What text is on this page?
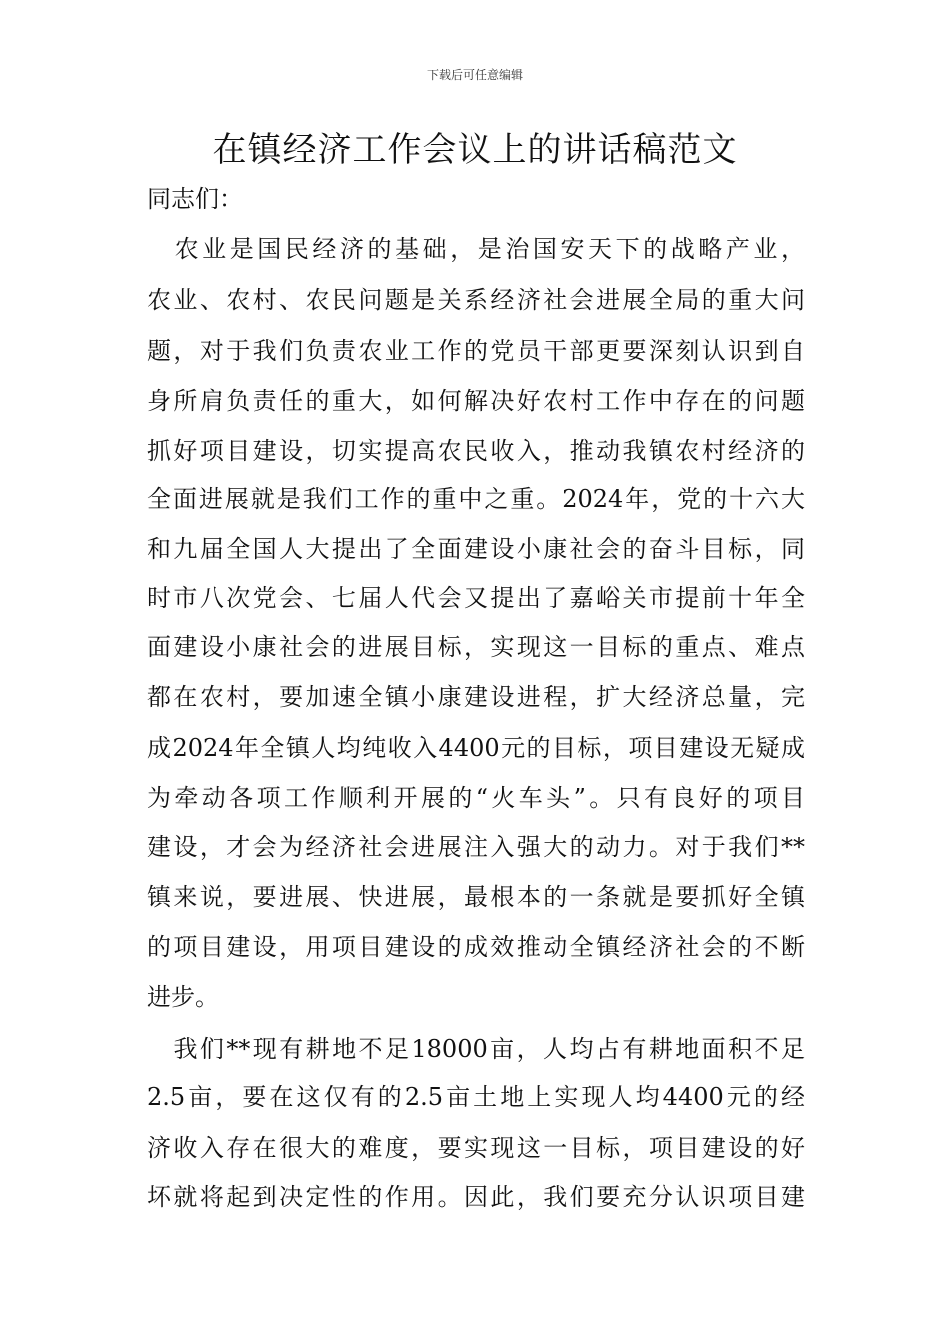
下载后可任意编辑
在镇经济工作会议上的讲话稿范文
同志们：
　农业是国民经济的基础，是治国安天下的战略产业，
农业、农村、农民问题是关系经济社会进展全局的重大问
题，对于我们负责农业工作的党员干部更要深刻认识到自
身所肩负责任的重大，如何解决好农村工作中存在的问题
抓好项目建设，切实提高农民收入，推动我镇农村经济的
全面进展就是我们工作的重中之重。2024年，党的十六大
和九届全国人大提出了全面建设小康社会的奋斗目标，同
时市八次党会、七届人代会又提出了嘉峪关市提前十年全
面建设小康社会的进展目标，实现这一目标的重点、难点
都在农村，要加速全镇小康建设进程，扩大经济总量，完
成2024年全镇人均纯收入4400元的目标，项目建设无疑成
为牵动各项工作顺利开展的“火车头”。只有良好的项目
建设，才会为经济社会进展注入强大的动力。对于我们**
镇来说，要进展、快进展，最根本的一条就是要抓好全镇
的项目建设，用项目建设的成效推动全镇经济社会的不断
进步。
　我们**现有耕地不足18000亩，人均占有耕地面积不足
2.5亩，要在这仅有的2.5亩土地上实现人均4400元的经
济收入存在很大的难度，要实现这一目标，项目建设的好
坏就将起到决定性的作用。因此，我们要充分认识项目建
